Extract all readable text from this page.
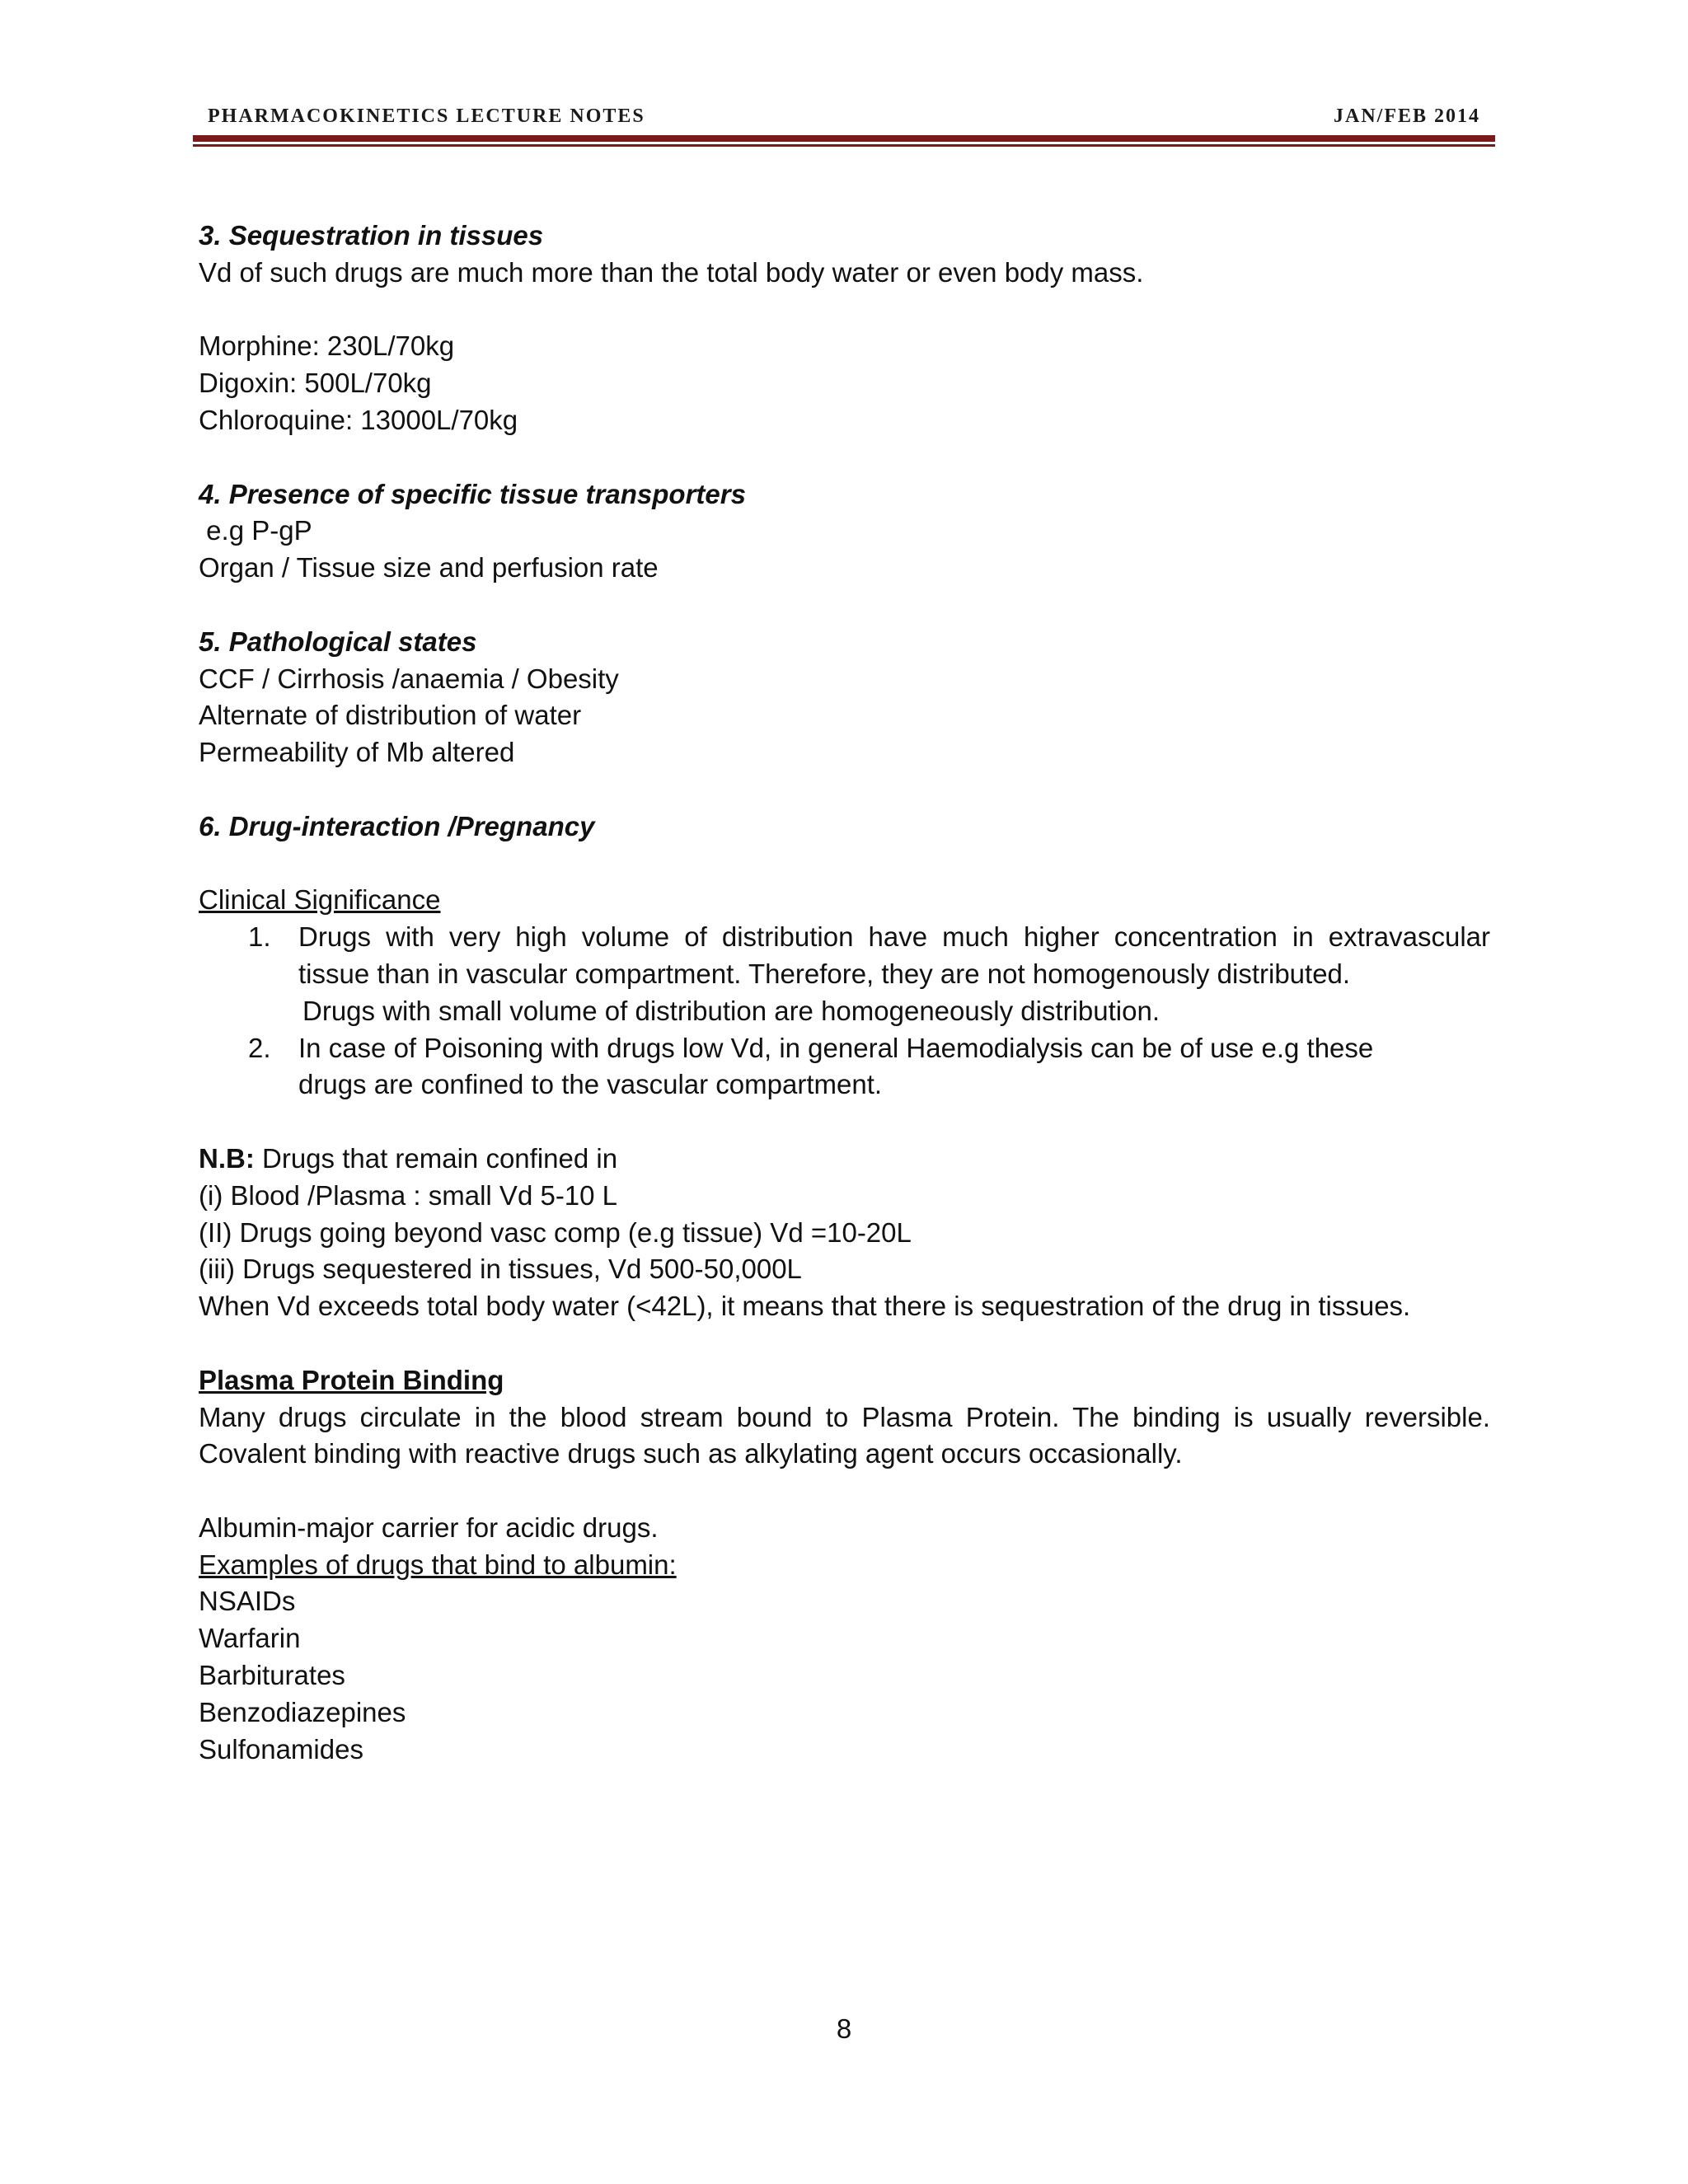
PHARMACOKINETICS LECTURE NOTES	JAN/FEB 2014
3. Sequestration in tissues
Vd of such drugs are much more than the total body water or even body mass.
Morphine: 230L/70kg
Digoxin: 500L/70kg
Chloroquine: 13000L/70kg
4. Presence of specific tissue transporters
e.g P-gP
Organ / Tissue size and perfusion rate
5. Pathological states
CCF / Cirrhosis /anaemia / Obesity
Alternate of distribution of water
Permeability of Mb altered
6. Drug-interaction /Pregnancy
Clinical Significance
1. Drugs with very high volume of distribution have much higher concentration in extravascular
tissue than in vascular compartment. Therefore, they are not homogenously distributed.
Drugs with small volume of distribution are homogeneously distribution.
2. In case of Poisoning with drugs low Vd, in general Haemodialysis can be of use e.g these
drugs are confined to the vascular compartment.
N.B: Drugs that remain confined in
(i) Blood /Plasma : small Vd 5-10 L
(II) Drugs going beyond vasc comp (e.g tissue) Vd =10-20L
(iii) Drugs sequestered in tissues, Vd 500-50,000L
When Vd exceeds total body water (<42L), it means that there is sequestration of the drug in tissues.
Plasma Protein Binding
Many drugs circulate in the blood stream bound to Plasma Protein. The binding is usually reversible.
Covalent binding with reactive drugs such as alkylating agent occurs occasionally.
Albumin-major carrier for acidic drugs.
Examples of drugs that bind to albumin:
NSAIDs
Warfarin
Barbiturates
Benzodiazepines
Sulfonamides
8
